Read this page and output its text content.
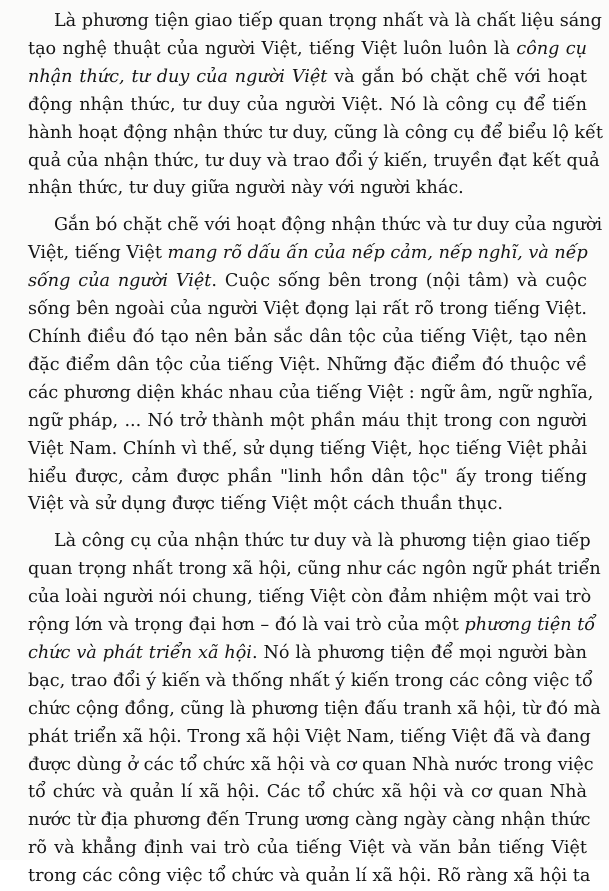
Là phương tiện giao tiếp quan trọng nhất và là chất liệu sáng
tạo nghệ thuật của người Việt, tiếng Việt luôn luôn là công cụ
nhận thức, tư duy của người Việt và gắn bó chặt chẽ với hoạt
động nhận thức, tư duy của người Việt. Nó là công cụ để tiến
hành hoạt động nhận thức tư duy, cũng là công cụ để biểu lộ kết
quả của nhận thức, tư duy và trao đổi ý kiến, truyền đạt kết quả
nhận thức, tư duy giữa người này với người khác.
Gắn bó chặt chẽ với hoạt động nhận thức và tư duy của người
Việt, tiếng Việt mang rõ dấu ấn của nếp cảm, nếp nghĩ, và nếp
sống của người Việt. Cuộc sống bên trong (nội tâm) và cuộc
sống bên ngoài của người Việt đọng lại rất rõ trong tiếng Việt.
Chính điều đó tạo nên bản sắc dân tộc của tiếng Việt, tạo nên
đặc điểm dân tộc của tiếng Việt. Những đặc điểm đó thuộc về
các phương diện khác nhau của tiếng Việt : ngữ âm, ngữ nghĩa,
ngữ pháp, ... Nó trở thành một phần máu thịt trong con người
Việt Nam. Chính vì thế, sử dụng tiếng Việt, học tiếng Việt phải
hiểu được, cảm được phần "linh hồn dân tộc" ấy trong tiếng
Việt và sử dụng được tiếng Việt một cách thuần thục.
Là công cụ của nhận thức tư duy và là phương tiện giao tiếp
quan trọng nhất trong xã hội, cũng như các ngôn ngữ phát triển
của loài người nói chung, tiếng Việt còn đảm nhiệm một vai trò
rộng lớn và trọng đại hơn – đó là vai trò của một phương tiện tổ
chức và phát triển xã hội. Nó là phương tiện để mọi người bàn
bạc, trao đổi ý kiến và thống nhất ý kiến trong các công việc tổ
chức cộng đồng, cũng là phương tiện đấu tranh xã hội, từ đó mà
phát triển xã hội. Trong xã hội Việt Nam, tiếng Việt đã và đang
được dùng ở các tổ chức xã hội và cơ quan Nhà nước trong việc
tổ chức và quản lí xã hội. Các tổ chức xã hội và cơ quan Nhà
nước từ địa phương đến Trung ương càng ngày càng nhận thức
rõ và khẳng định vai trò của tiếng Việt và văn bản tiếng Việt
trong các công việc tổ chức và quản lí xã hội. Rõ ràng xã hội ta
